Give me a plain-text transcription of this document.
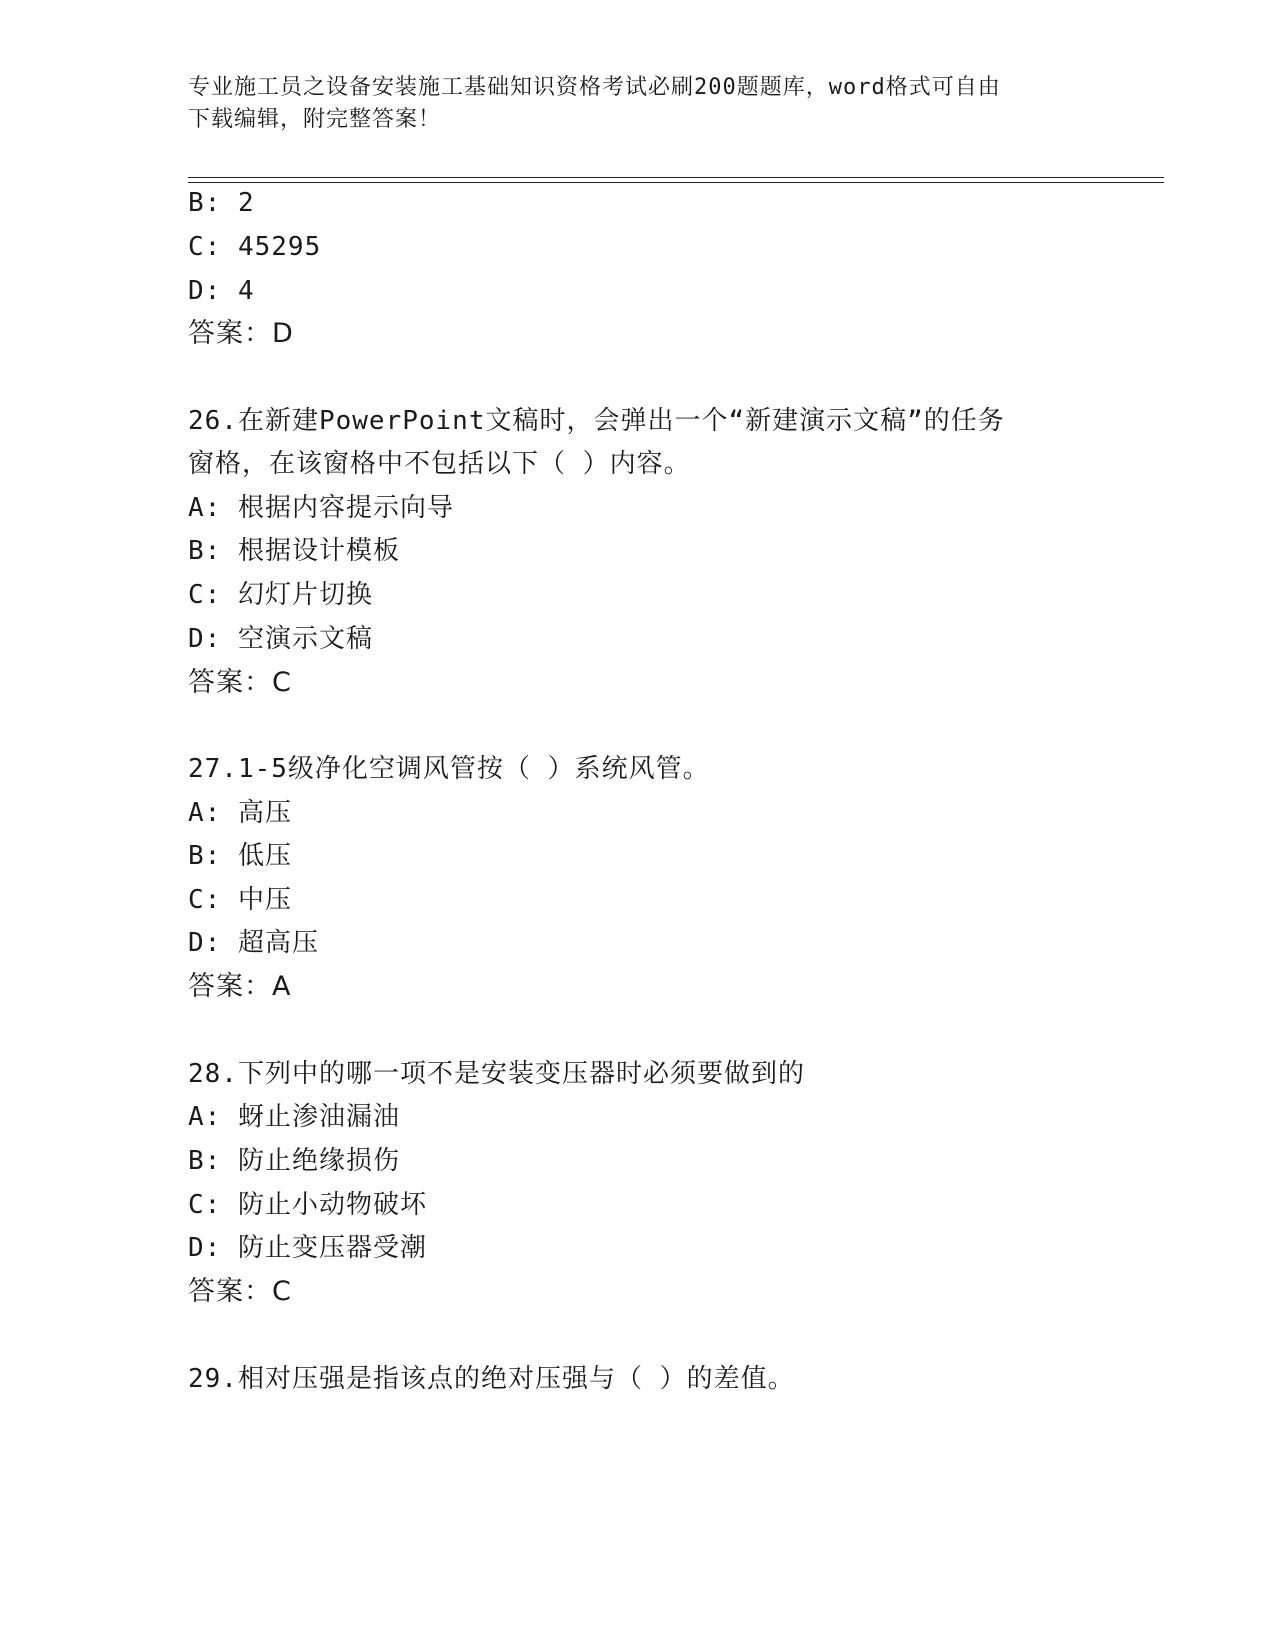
专业施工员之设备安装施工基础知识资格考试必刷200题题库，word格式可自由
下载编辑，附完整答案！
B: 2
C: 45295
D: 4
答案：D
26.在新建PowerPoint文稿时，会弹出一个“新建演示文稿”的任务
窗格，在该窗格中不包括以下（ ）内容。
A: 根据内容提示向导
B: 根据设计模板
C: 幻灯片切换
D: 空演示文稿
答案：C
27.1-5级净化空调风管按（ ）系统风管。
A: 高压
B: 低压
C: 中压
D: 超高压
答案：A
28.下列中的哪一项不是安装变压器时必须要做到的
A: 蚜止渗油漏油
B: 防止绝缘损伤
C: 防止小动物破坏
D: 防止变压器受潮
答案：C
29.相对压强是指该点的绝对压强与（ ）的差值。
